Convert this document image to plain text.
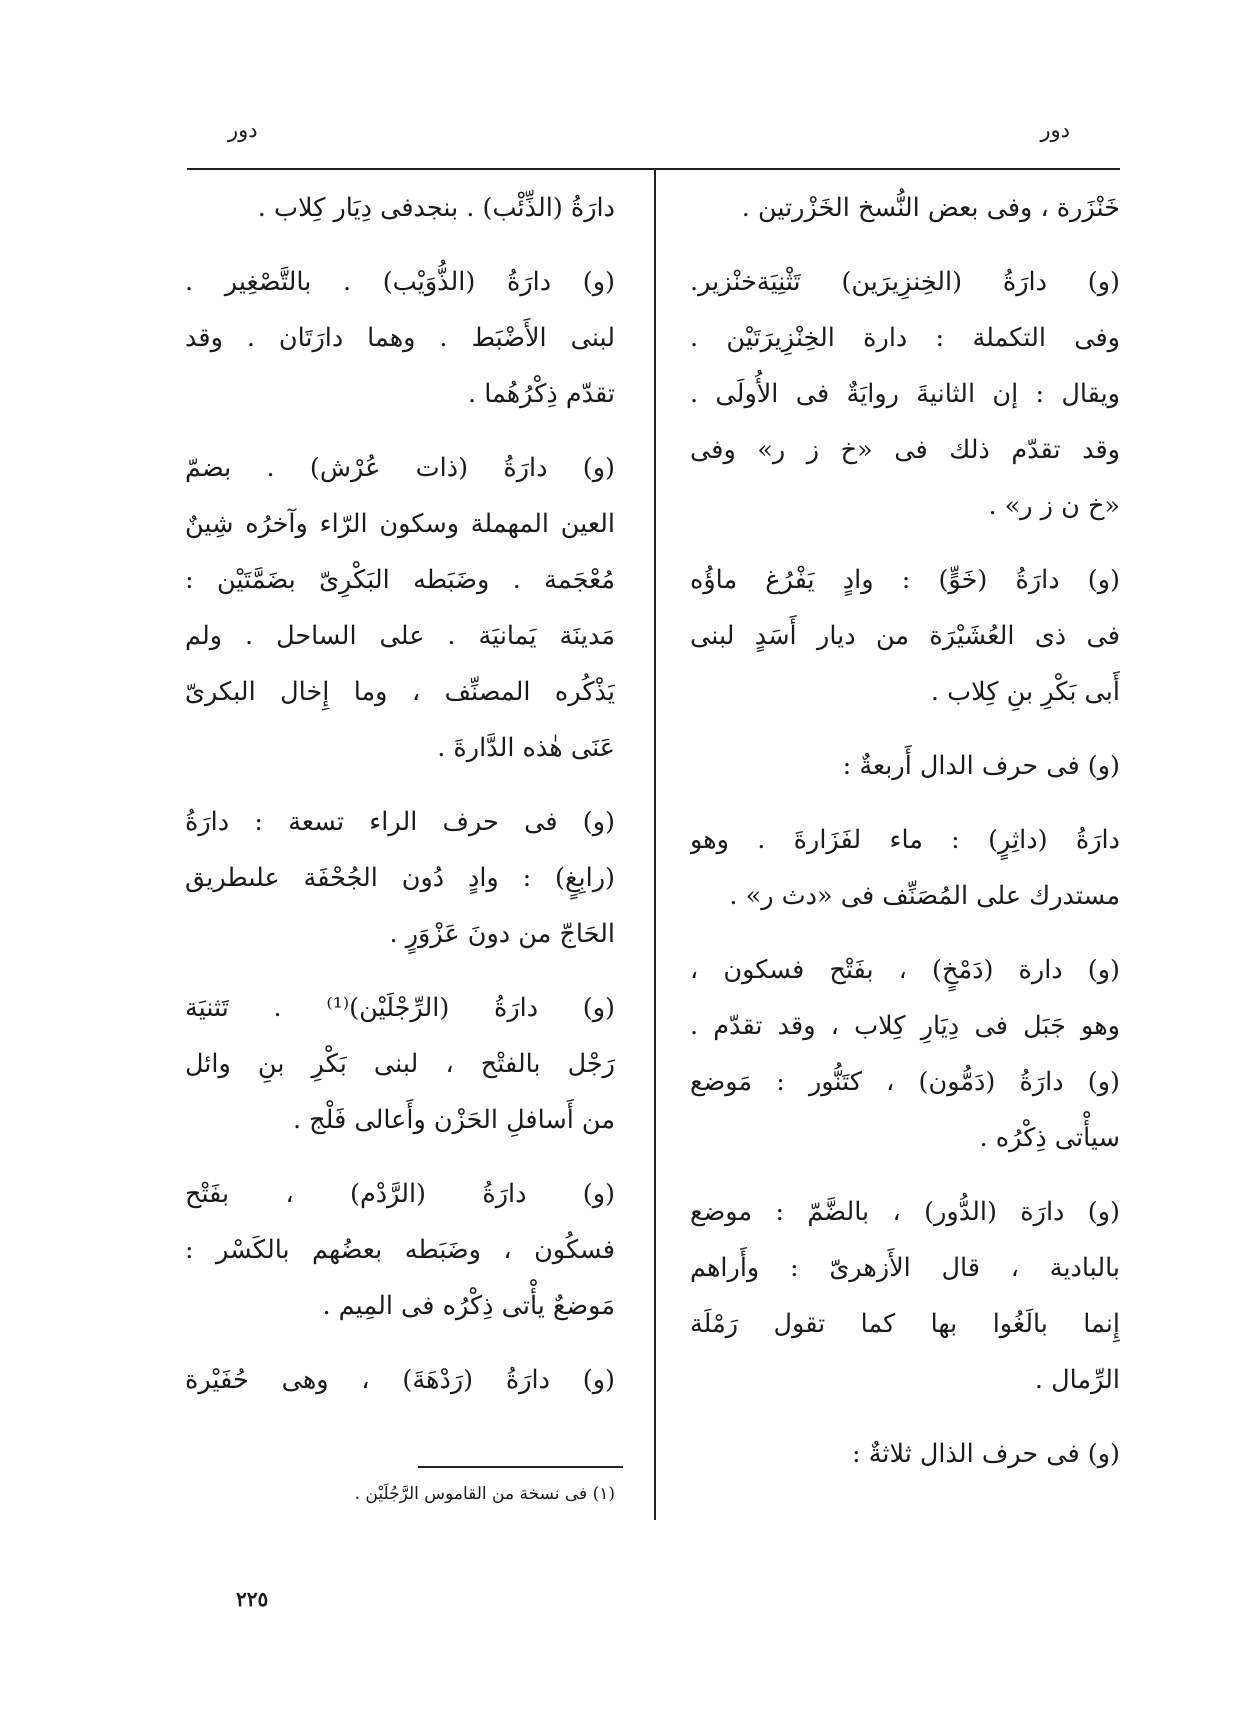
دور	دور
خَنْزَرة ، وفى بعض النُّسخ الخَزْرتين .
(و) دارَةُ (الخِنزِيرَين) تَثْنِيَةخنْزير.
وفى التكملة : دارة الخِنْزِيرَتَيْن .
ويقال : إن الثانيةَ روايَةٌ فى الأُولَى .
وقد تقدّم ذلك فى «خ ز ر» وفى
«خ ن ز ر» .
(و) دارَةُ (خَوٍّ) : وادٍ يَفْرُغ ماؤُه
فى ذى العُشَيْرَة من ديار أَسَدٍ لبنى
أَبى بَكْرِ بنِ كِلاب .
(و) فى حرف الدال أَربعةٌ :
دارَةُ (داثِرٍ) : ماء لفَزَارةَ . وهو
مستدرك على المُصَنِّف فى «دث ر» .
(و) دارة (دَمْخٍ) ، بفَتْح فسكون ،
وهو جَبَل فى دِيَارِ كِلاب ، وقد تقدّم .
(و) دارَةُ (دَمُّون) ، كتَنُّور : مَوضع
سيأْتى ذِكْرُه .
(و) دارَة (الدُّور) ، بالضَّمّ : موضع
بالبادية ، قال الأَزهرىّ : وأَراهم
إِنما بالَغُوا بها كما تقول رَمْلَة
الرِّمال .
(و) فى حرف الذال ثلاثةٌ :
دارَةُ (الذِّئْب) . بنجدفى دِيَار كِلاب .
(و) دارَةُ (الذُّوَيْب) . بالتَّصْغِير .
لبنى الأَضْبَط . وهما دارَتَان . وقد
تقدّم ذِكْرُهُما .
(و) دارَةُ (ذات عُرْش) . بضمّ
العين المهملة وسكون الرّاء وآخرُه شِينٌ
مُعْجَمة . وضَبَطه البَكْرِىّ بضَمَّتَيْن :
مَدينَة يَمانيَة . على الساحل . ولم
يَذْكُره المصنِّف ، وما إِخال البكرىّ
عَنَى هٰذه الدَّارةَ .
(و) فى حرف الراء تسعة : دارَةُ
(رابِغٍ) : وادٍ دُون الجُحْفَة علىطريق
الحَاجّ من دونَ عَزْوَرٍ .
(و) دارَةُ (الرِّجْلَيْن)⁽¹⁾ . تَثنيَة
رَجْل بالفتْح ، لبنى بَكْرِ بنِ وائل
من أَسافلِ الحَزْن وأَعالى فَلْج .
(و) دارَةُ (الرَّدْم) ، بفَتْح
فسكُون ، وضَبَطه بعضُهم بالكَسْر :
مَوضعٌ يأْتى ذِكْرُه فى المِيم .
(و) دارَةُ (رَدْهَةَ) ، وهى حُفَيْرة
(١) فى نسخة من القاموس الرَّجُلَيْن .
٢٢٥
